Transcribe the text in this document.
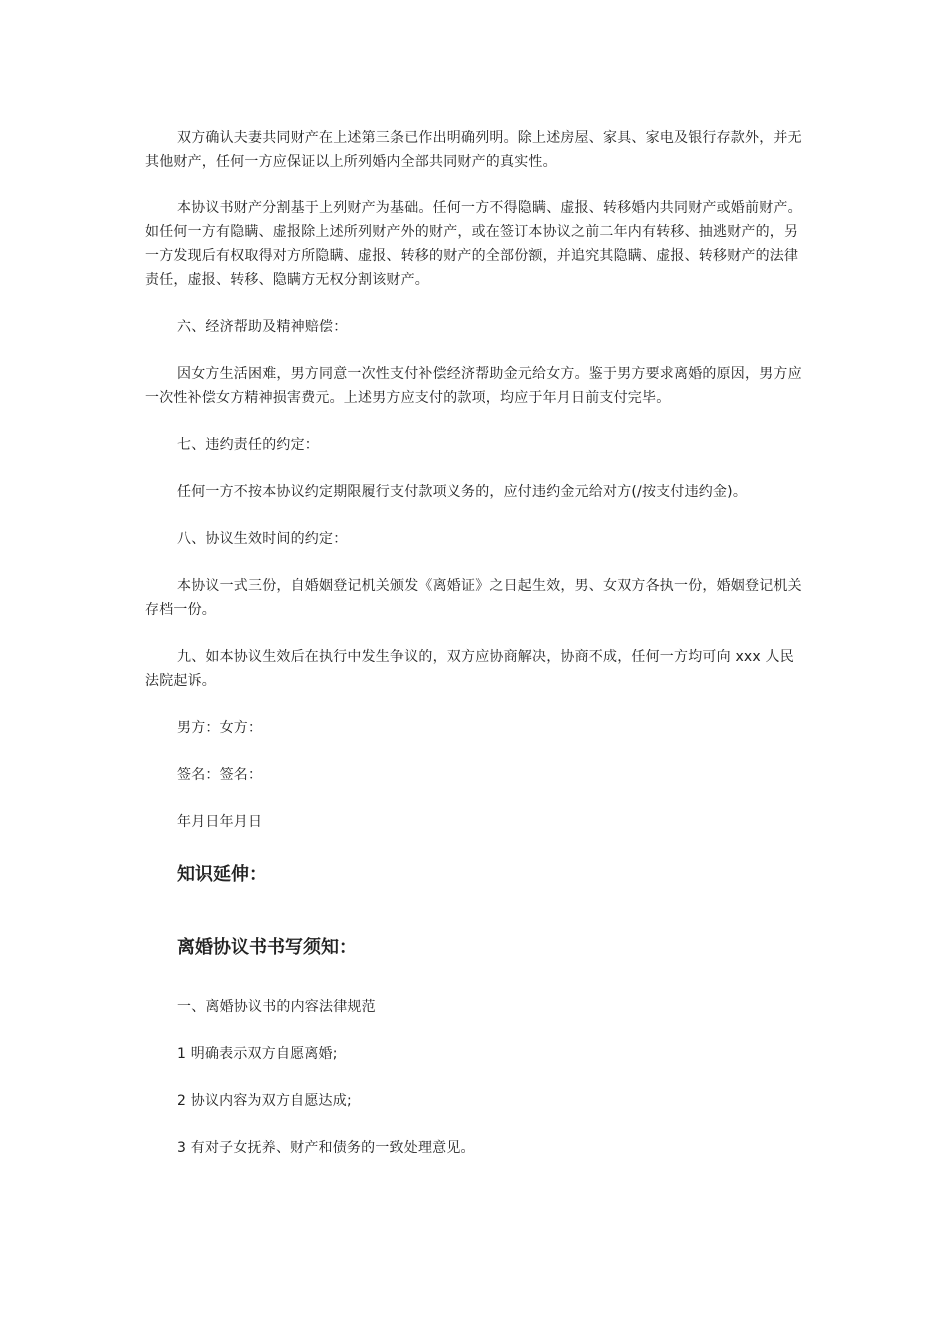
双方确认夫妻共同财产在上述第三条已作出明确列明。除上述房屋、家具、家电及银行存款外，并无其他财产，任何一方应保证以上所列婚内全部共同财产的真实性。

本协议书财产分割基于上列财产为基础。任何一方不得隐瞒、虚报、转移婚内共同财产或婚前财产。如任何一方有隐瞒、虚报除上述所列财产外的财产，或在签订本协议之前二年内有转移、抽逃财产的，另一方发现后有权取得对方所隐瞒、虚报、转移的财产的全部份额，并追究其隐瞒、虚报、转移财产的法律责任，虚报、转移、隐瞒方无权分割该财产。

六、经济帮助及精神赔偿：

因女方生活困难，男方同意一次性支付补偿经济帮助金元给女方。鉴于男方要求离婚的原因，男方应一次性补偿女方精神损害费元。上述男方应支付的款项，均应于年月日前支付完毕。

七、违约责任的约定：

任何一方不按本协议约定期限履行支付款项义务的，应付违约金元给对方(/按支付违约金)。

八、协议生效时间的约定：

本协议一式三份，自婚姻登记机关颁发《离婚证》之日起生效，男、女双方各执一份，婚姻登记机关存档一份。

九、如本协议生效后在执行中发生争议的，双方应协商解决，协商不成，任何一方均可向 xxx 人民法院起诉。

男方：女方：

签名：签名：

年月日年月日

知识延伸：
离婚协议书书写须知：

一、离婚协议书的内容法律规范

1 明确表示双方自愿离婚;

2 协议内容为双方自愿达成;

3 有对子女抚养、财产和债务的一致处理意见。
